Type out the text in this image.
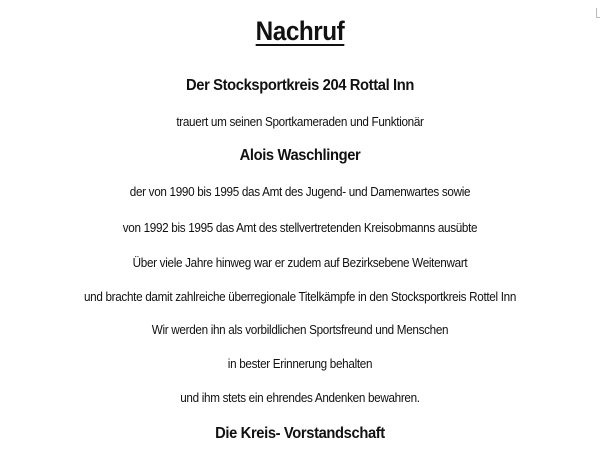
Nachruf
Der Stocksportkreis 204 Rottal Inn
trauert um seinen Sportkameraden und Funktionär
Alois Waschlinger
der von 1990 bis 1995 das Amt des Jugend- und Damenwartes sowie
von 1992 bis 1995 das Amt des stellvertretenden Kreisobmanns ausübte
Über viele Jahre hinweg war er zudem auf Bezirksebene Weitenwart
und brachte damit zahlreiche überregionale Titelkämpfe in den Stocksportkreis Rottel Inn
Wir werden ihn als vorbildlichen Sportsfreund und Menschen
in bester Erinnerung behalten
und ihm stets ein ehrendes Andenken bewahren.
Die Kreis- Vorstandschaft
